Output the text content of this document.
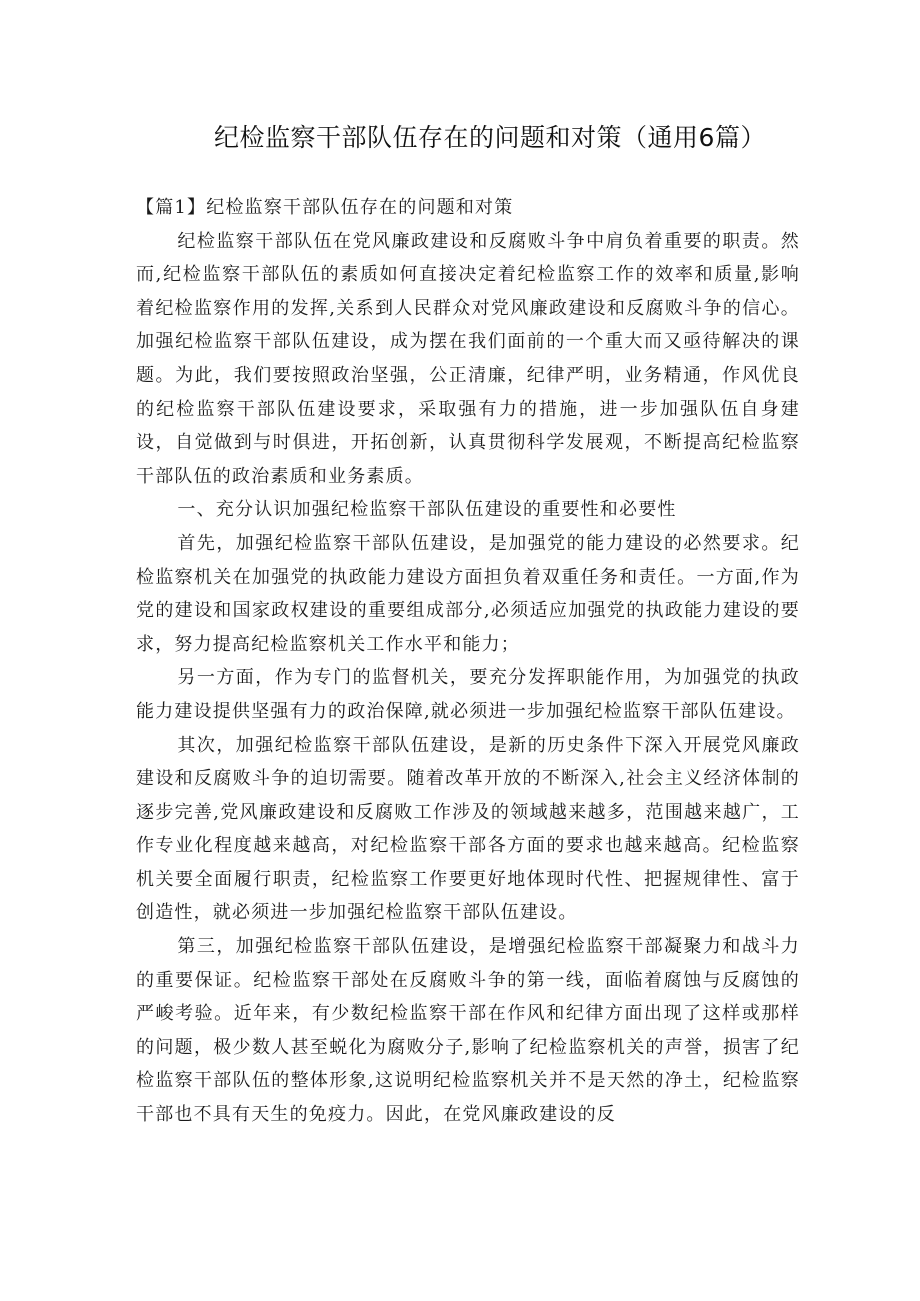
纪检监察干部队伍存在的问题和对策（通用6篇）

【篇1】纪检监察干部队伍存在的问题和对策

纪检监察干部队伍在党风廉政建设和反腐败斗争中肩负着重要的职责。然而,纪检监察干部队伍的素质如何直接决定着纪检监察工作的效率和质量,影响着纪检监察作用的发挥,关系到人民群众对党风廉政建设和反腐败斗争的信心。加强纪检监察干部队伍建设，成为摆在我们面前的一个重大而又亟待解决的课题。为此，我们要按照政治坚强，公正清廉，纪律严明，业务精通，作风优良的纪检监察干部队伍建设要求，采取强有力的措施，进一步加强队伍自身建设，自觉做到与时俱进，开拓创新，认真贯彻科学发展观，不断提高纪检监察干部队伍的政治素质和业务素质。

一、充分认识加强纪检监察干部队伍建设的重要性和必要性

首先，加强纪检监察干部队伍建设，是加强党的能力建设的必然要求。纪检监察机关在加强党的执政能力建设方面担负着双重任务和责任。一方面,作为党的建设和国家政权建设的重要组成部分,必须适应加强党的执政能力建设的要求，努力提高纪检监察机关工作水平和能力；

另一方面，作为专门的监督机关，要充分发挥职能作用，为加强党的执政能力建设提供坚强有力的政治保障,就必须进一步加强纪检监察干部队伍建设。

其次，加强纪检监察干部队伍建设，是新的历史条件下深入开展党风廉政建设和反腐败斗争的迫切需要。随着改革开放的不断深入,社会主义经济体制的逐步完善,党风廉政建设和反腐败工作涉及的领域越来越多，范围越来越广，工作专业化程度越来越高，对纪检监察干部各方面的要求也越来越高。纪检监察机关要全面履行职责，纪检监察工作要更好地体现时代性、把握规律性、富于创造性，就必须进一步加强纪检监察干部队伍建设。

第三，加强纪检监察干部队伍建设，是增强纪检监察干部凝聚力和战斗力的重要保证。纪检监察干部处在反腐败斗争的第一线，面临着腐蚀与反腐蚀的严峻考验。近年来，有少数纪检监察干部在作风和纪律方面出现了这样或那样的问题，极少数人甚至蜕化为腐败分子,影响了纪检监察机关的声誉，损害了纪检监察干部队伍的整体形象,这说明纪检监察机关并不是天然的净土，纪检监察干部也不具有天生的免疫力。因此，在党风廉政建设的反
